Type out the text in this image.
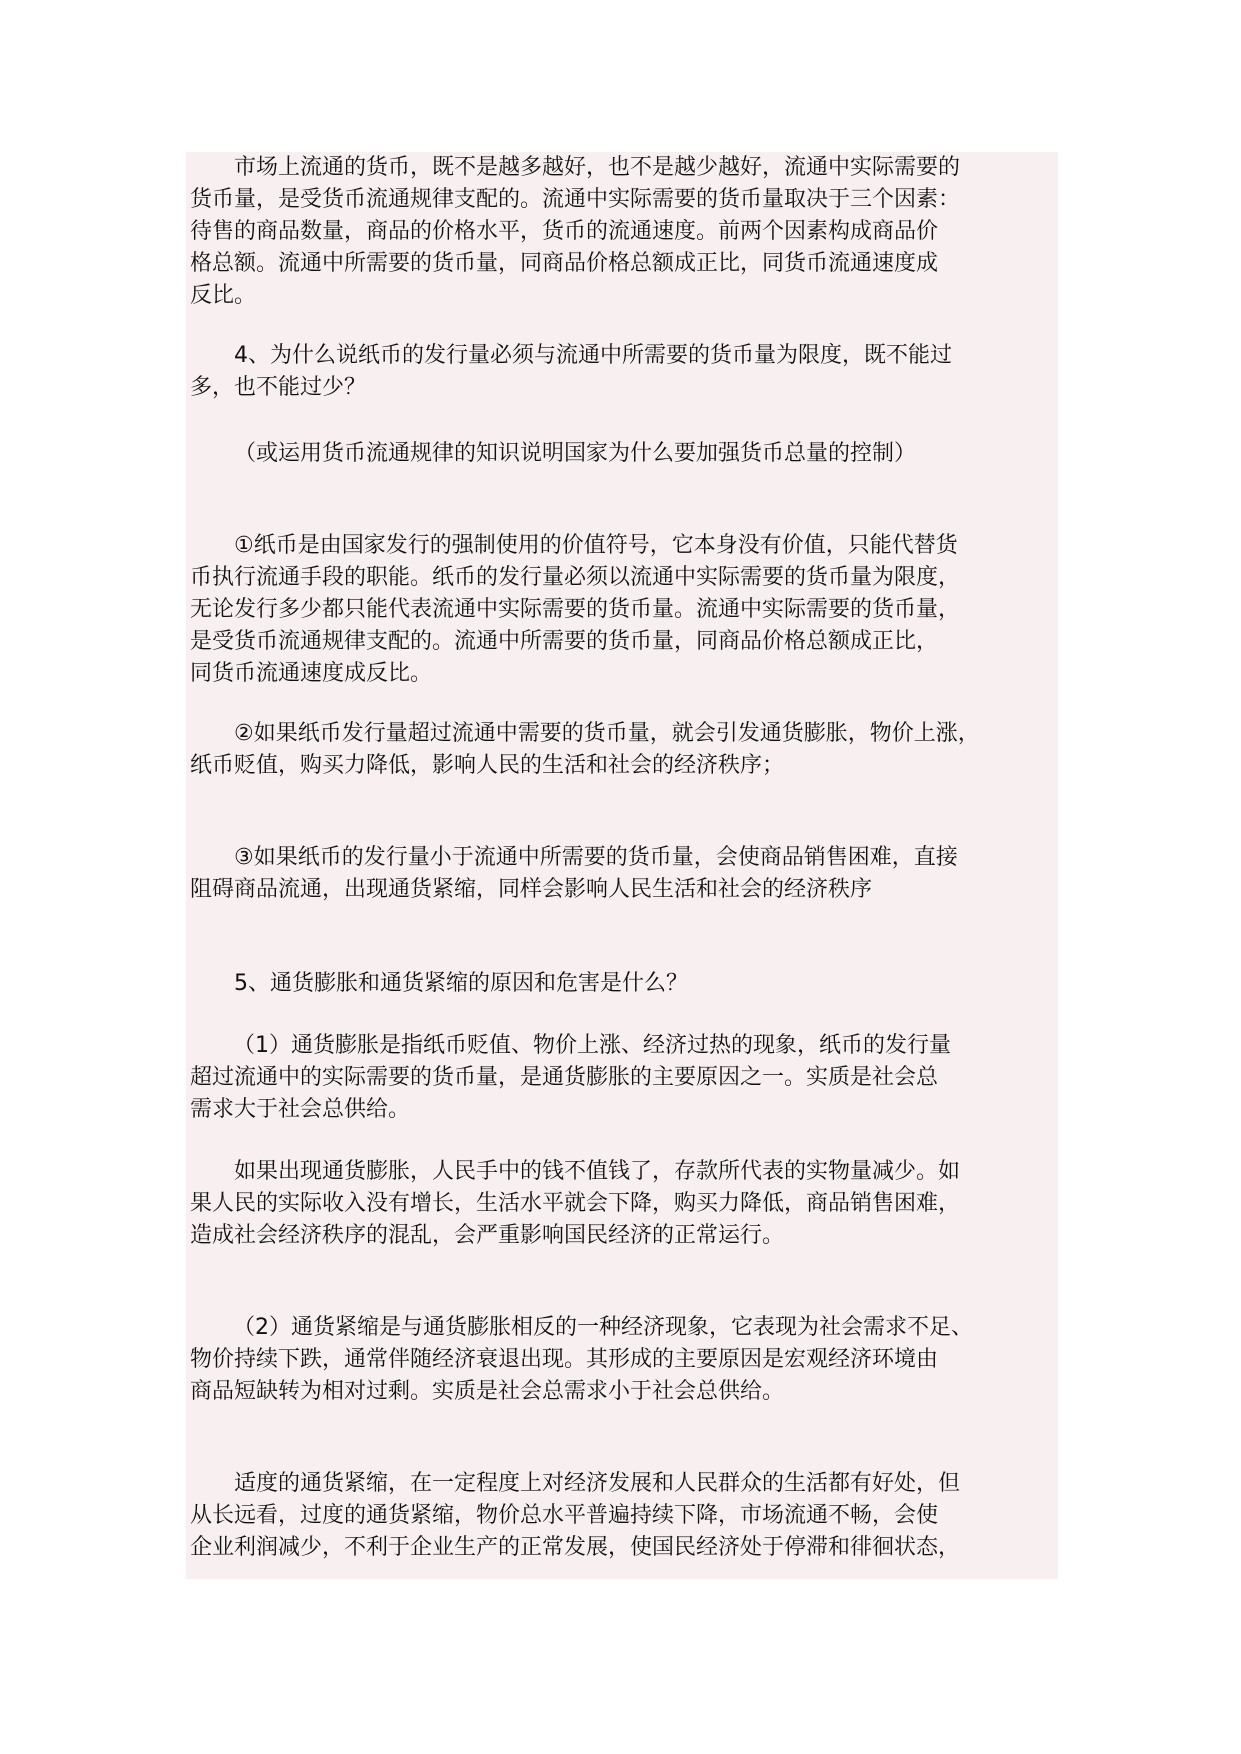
　　市场上流通的货币，既不是越多越好，也不是越少越好，流通中实际需要的
货币量，是受货币流通规律支配的。流通中实际需要的货币量取决于三个因素：
待售的商品数量，商品的价格水平，货币的流通速度。前两个因素构成商品价
格总额。流通中所需要的货币量，同商品价格总额成正比，同货币流通速度成
反比。
　　4、为什么说纸币的发行量必须与流通中所需要的货币量为限度，既不能过
多，也不能过少？
（或运用货币流通规律的知识说明国家为什么要加强货币总量的控制）
　　①纸币是由国家发行的强制使用的价值符号，它本身没有价值，只能代替货
币执行流通手段的职能。纸币的发行量必须以流通中实际需要的货币量为限度，
无论发行多少都只能代表流通中实际需要的货币量。流通中实际需要的货币量，
是受货币流通规律支配的。流通中所需要的货币量，同商品价格总额成正比，
同货币流通速度成反比。
　　②如果纸币发行量超过流通中需要的货币量，就会引发通货膨胀，物价上涨，
纸币贬值，购买力降低，影响人民的生活和社会的经济秩序；
　　③如果纸币的发行量小于流通中所需要的货币量，会使商品销售困难，直接
阻碍商品流通，出现通货紧缩，同样会影响人民生活和社会的经济秩序
　　5、通货膨胀和通货紧缩的原因和危害是什么？
　　（1）通货膨胀是指纸币贬值、物价上涨、经济过热的现象，纸币的发行量
超过流通中的实际需要的货币量，是通货膨胀的主要原因之一。实质是社会总
需求大于社会总供给。
　　如果出现通货膨胀，人民手中的钱不值钱了，存款所代表的实物量减少。如
果人民的实际收入没有增长，生活水平就会下降，购买力降低，商品销售困难，
造成社会经济秩序的混乱，会严重影响国民经济的正常运行。
　　（2）通货紧缩是与通货膨胀相反的一种经济现象，它表现为社会需求不足、
物价持续下跌，通常伴随经济衰退出现。其形成的主要原因是宏观经济环境由
商品短缺转为相对过剩。实质是社会总需求小于社会总供给。
　　适度的通货紧缩，在一定程度上对经济发展和人民群众的生活都有好处，但
从长远看，过度的通货紧缩，物价总水平普遍持续下降，市场流通不畅，会使
企业利润减少，不利于企业生产的正常发展，使国民经济处于停滞和徘徊状态，
